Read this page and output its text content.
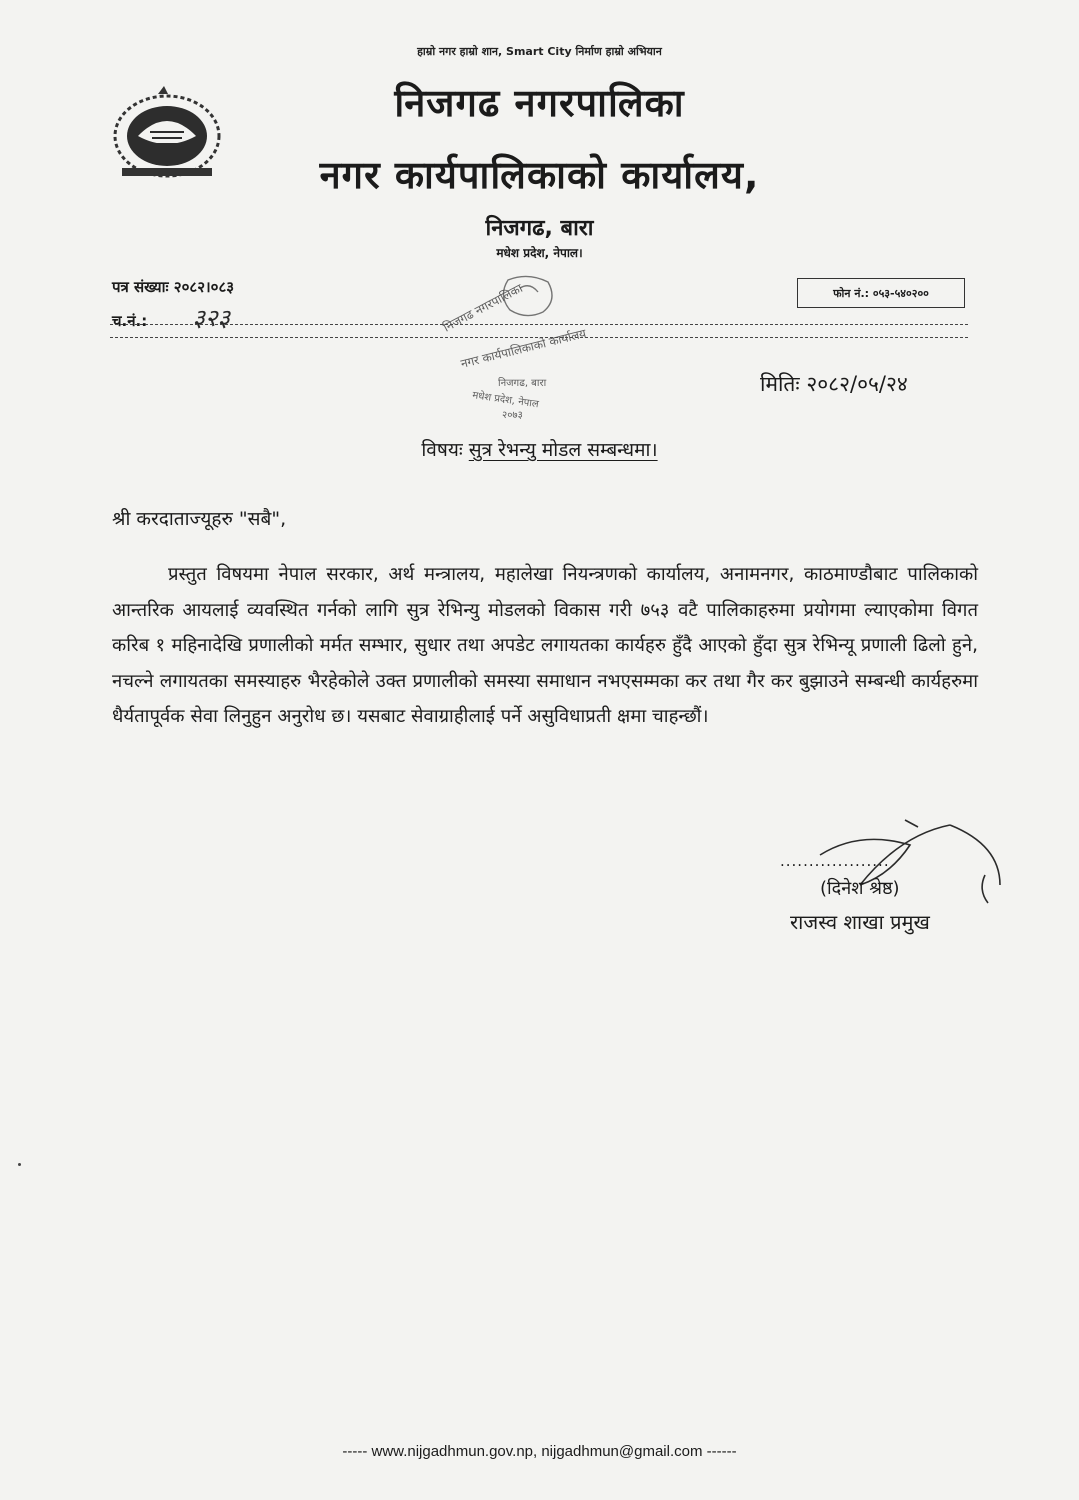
हाम्रो नगर हाम्रो शान, Smart City निर्माण हाम्रो अभियान
निजगढ नगरपालिका
नगर कार्यपालिकाको कार्यालय,
निजगढ, बारा
मधेश प्रदेश, नेपाल।
पत्र संख्याः २०८२।०८३
च.नं.: ३२३
फोन नं.: ०५३-५४०२००
निजगढ नगरपालिका
नगर कार्यपालिकाको कार्यालय
निजगढ, बारा
मधेश प्रदेश, नेपाल
२०७३
मितिः २०८२/०५/२४
विषयः सुत्र रेभन्यु मोडल सम्बन्धमा।
श्री करदाताज्यूहरु "सबै",
प्रस्तुत विषयमा नेपाल सरकार, अर्थ मन्त्रालय, महालेखा नियन्त्रणको कार्यालय, अनामनगर, काठमाण्डौबाट पालिकाको आन्तरिक आयलाई व्यवस्थित गर्नको लागि सुत्र रेभिन्यु मोडलको विकास गरी ७५३ वटै पालिकाहरुमा प्रयोगमा ल्याएकोमा विगत करिब १ महिनादेखि प्रणालीको मर्मत सम्भार, सुधार तथा अपडेट लगायतका कार्यहरु हुँदै आएको हुँदा सुत्र रेभिन्यू प्रणाली ढिलो हुने, नचल्ने लगायतका समस्याहरु भैरहेकोले उक्त प्रणालीको समस्या समाधान नभएसम्मका कर तथा गैर कर बुझाउने सम्बन्धी कार्यहरुमा धैर्यतापूर्वक सेवा लिनुहुन अनुरोध छ। यसबाट सेवाग्राहीलाई पर्ने असुविधाप्रती क्षमा चाहन्छौं।
...................
(दिनेश श्रेष्ठ)
राजस्व शाखा प्रमुख
----- www.nijgadhmun.gov.np, nijgadhmun@gmail.com ------
